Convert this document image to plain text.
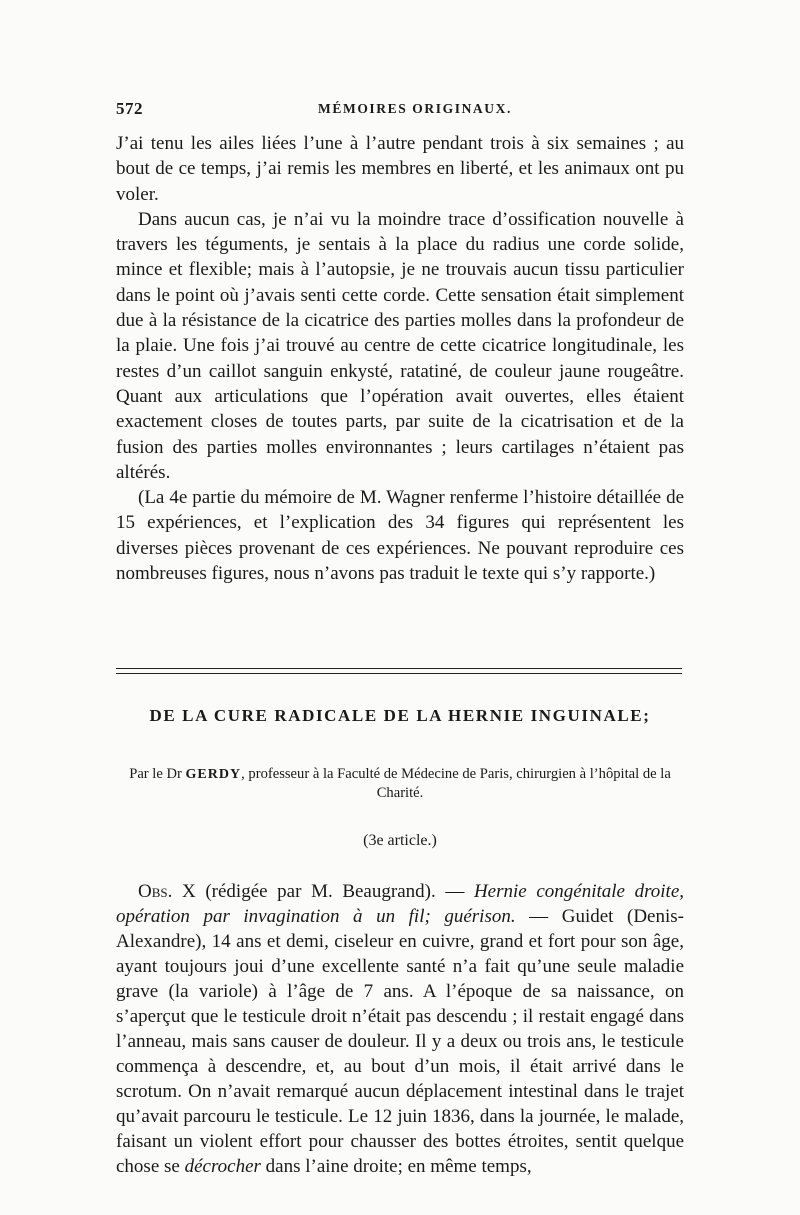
572	MÉMOIRES ORIGINAUX.

J’ai tenu les ailes liées l’une à l’autre pendant trois à six semaines ; au bout de ce temps, j’ai remis les membres en liberté, et les animaux ont pu voler.

Dans aucun cas, je n’ai vu la moindre trace d’ossification nouvelle à travers les téguments, je sentais à la place du radius une corde solide, mince et flexible; mais à l’autopsie, je ne trouvais aucun tissu particulier dans le point où j’avais senti cette corde. Cette sensation était simplement due à la résistance de la cicatrice des parties molles dans la profondeur de la plaie. Une fois j’ai trouvé au centre de cette cicatrice longitudinale, les restes d’un caillot sanguin enkysté, ratatiné, de couleur jaune rougeâtre. Quant aux articulations que l’opération avait ouvertes, elles étaient exactement closes de toutes parts, par suite de la cicatrisation et de la fusion des parties molles environnantes ; leurs cartilages n’étaient pas altérés.

(La 4e partie du mémoire de M. Wagner renferme l’histoire détaillée de 15 expériences, et l’explication des 34 figures qui représentent les diverses pièces provenant de ces expériences. Ne pouvant reproduire ces nombreuses figures, nous n’avons pas traduit le texte qui s’y rapporte.)

DE LA CURE RADICALE DE LA HERNIE INGUINALE;
Par le Dr GERDY, professeur à la Faculté de Médecine de Paris, chirurgien à l’hôpital de la Charité.
(3e article.)

Obs. X (rédigée par M. Beaugrand). — Hernie congénitale droite, opération par invagination à un fil; guérison. — Guidet (Denis-Alexandre), 14 ans et demi, ciseleur en cuivre, grand et fort pour son âge, ayant toujours joui d’une excellente santé n’a fait qu’une seule maladie grave (la variole) à l’âge de 7 ans. A l’époque de sa naissance, on s’aperçut que le testicule droit n’était pas descendu ; il restait engagé dans l’anneau, mais sans causer de douleur. Il y a deux ou trois ans, le testicule commença à descendre, et, au bout d’un mois, il était arrivé dans le scrotum. On n’avait remarqué aucun déplacement intestinal dans le trajet qu’avait parcouru le testicule. Le 12 juin 1836, dans la journée, le malade, faisant un violent effort pour chausser des bottes étroites, sentit quelque chose se décrocher dans l’aine droite; en même temps,
